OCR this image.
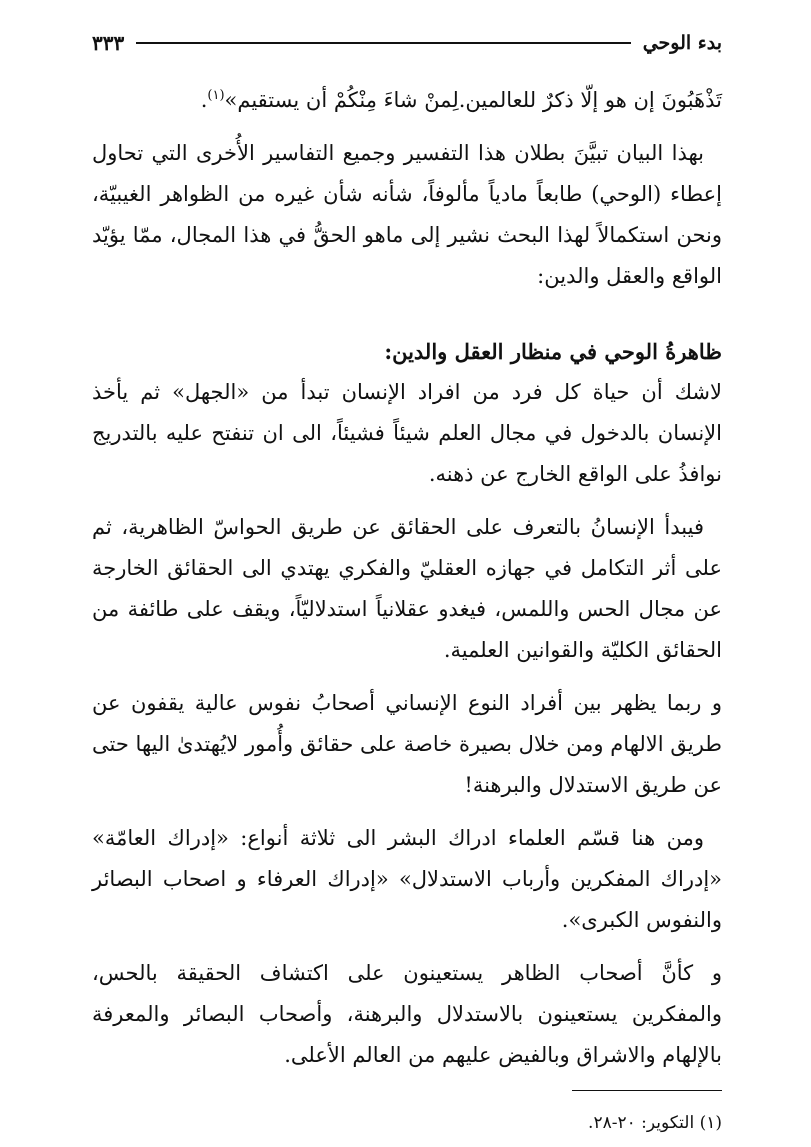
بدء الوحي
٣٣٣

تَذْهَبُونَ إن هو إلّا ذكرٌ للعالمين.لِمنْ شاءَ مِنْكُمْ أن يستقيم»$^{(١)}$.

بهذا البيان تبيَّنَ بطلان هذا التفسير وجميع التفاسير الأُخرى التي تحاول إعطاء (الوحي) طابعاً مادياً مألوفاً، شأنه شأن غيره من الظواهر الغيبيّة، ونحن استكمالاً لهذا البحث نشير إلى ماهو الحقُّ في هذا المجال، ممّا يؤيّد الواقع والعقل والدين:

ظاهرةُ الوحي في منظار العقل والدين:

لاشك أن حياة كل فرد من افراد الإنسان تبدأ من «الجهل» ثم يأخذ الإنسان بالدخول في مجال العلم شيئاً فشيئاً، الى ان تنفتح عليه بالتدريج نوافذُ على الواقع الخارج عن ذهنه.

فيبدأ الإنسانُ بالتعرف على الحقائق عن طريق الحواسّ الظاهرية، ثم على أثر التكامل في جهازه العقليّ والفكري يهتدي الى الحقائق الخارجة عن مجال الحس واللمس، فيغدو عقلانياً استدلاليّاً، ويقف على طائفة من الحقائق الكليّة والقوانين العلمية.

و ربما يظهر بين أفراد النوع الإنساني أصحابُ نفوس عالية يقفون عن طريق الالهام ومن خلال بصيرة خاصة على حقائق وأُمور لايُهتدىٰ اليها حتى عن طريق الاستدلال والبرهنة!

ومن هنا قسّم العلماء ادراك البشر الى ثلاثة أنواع: «إدراك العامّة» «إدراك المفكرين وأرباب الاستدلال» «إدراك العرفاء و اصحاب البصائر والنفوس الكبرى».

و كأنَّ أصحاب الظاهر يستعينون على اكتشاف الحقيقة بالحس، والمفكرين يستعينون بالاستدلال والبرهنة، وأصحاب البصائر والمعرفة بالإلهام والاشراق وبالفيض عليهم من العالم الأعلى.

(١) التكوير: ٢٠-٢٨.
